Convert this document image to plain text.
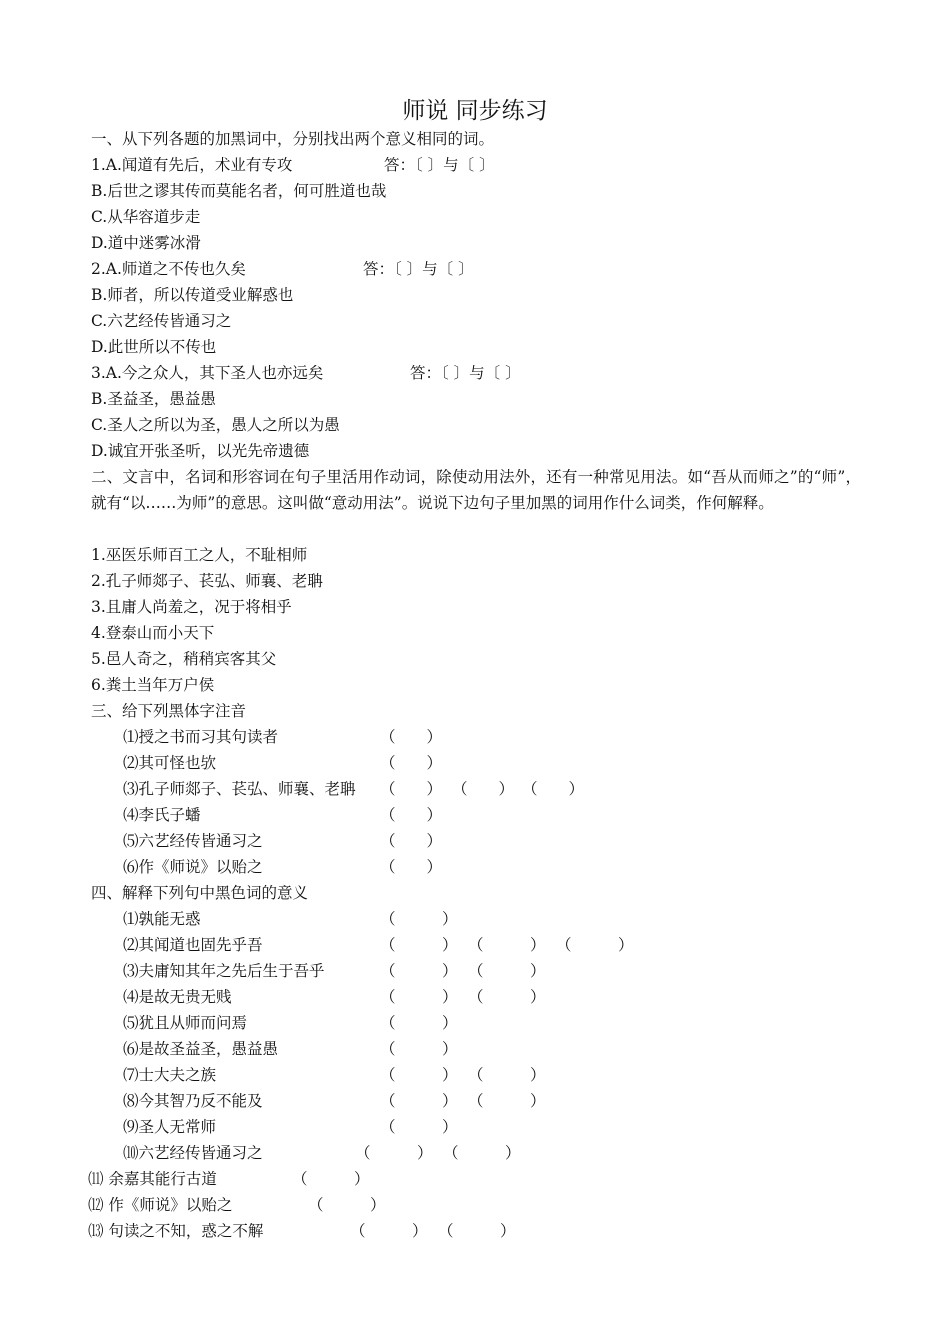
师说 同步练习
一、从下列各题的加黑词中，分别找出两个意义相同的词。
1.A.闻道有先后，术业有专攻	答：〔 〕与〔 〕
B.后世之谬其传而莫能名者，何可胜道也哉
C.从华容道步走
D.道中迷雾冰滑
2.A.师道之不传也久矣	答：〔 〕与〔 〕
B.师者，所以传道受业解惑也
C.六艺经传皆通习之
D.此世所以不传也
3.A.今之众人，其下圣人也亦远矣	答：〔 〕与〔 〕
B.圣益圣，愚益愚
C.圣人之所以为圣，愚人之所以为愚
D.诚宜开张圣听，以光先帝遗德
二、文言中，名词和形容词在句子里活用作动词，除使动用法外，还有一种常见用法。如“吾从而师之”的“师”，就有“以……为师”的意思。这叫做“意动用法”。说说下边句子里加黑的词用作什么词类，作何解释。
1.巫医乐师百工之人，不耻相师
2.孔子师郯子、苌弘、师襄、老聃
3.且庸人尚羞之，况于将相乎
4.登泰山而小天下
5.邑人奇之，稍稍宾客其父
6.粪土当年万户侯
三、给下列黑体字注音
⑴授之书而习其句读者	（　　）
⑵其可怪也欤	（　　）
⑶孔子师郯子、苌弘、师襄、老聃 （　　） （　　） （　　）
⑷李氏子蟠	（　　）
⑸六艺经传皆通习之	（　　）
⑹作《师说》以贻之	（　　）
四、解释下列句中黑色词的意义
⑴孰能无惑	（　　　）
⑵其闻道也固先乎吾	（　　　） （　　　） （　　　）
⑶夫庸知其年之先后生于吾乎	（　　　） （　　　）
⑷是故无贵无贱	（　　　） （　　　）
⑸犹且从师而问焉	（　　　）
⑹是故圣益圣，愚益愚	（　　　）
⑺士大夫之族	（　　　） （　　　）
⑻今其智乃反不能及	（　　　） （　　　）
⑼圣人无常师	（　　　）
⑽六艺经传皆通习之	（　　　） （　　　）
⑾ 余嘉其能行古道	（　　　）
⑿ 作《师说》以贻之	（　　　）
⒀ 句读之不知，惑之不解	（　　　） （　　　）
